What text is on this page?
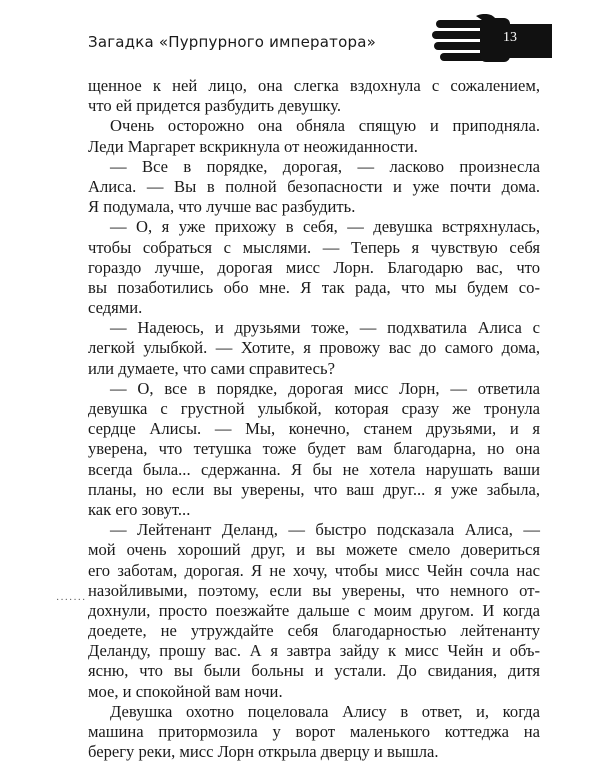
Загадка «Пурпурного императора»	13
·······
щенное к ней лицо, она слегка вздохнула с сожалением,
что ей придется разбудить девушку.
Очень осторожно она обняла спящую и приподняла.
Леди Маргарет вскрикнула от неожиданности.
— Все в порядке, дорогая, — ласково произнесла
Алиса. — Вы в полной безопасности и уже почти дома.
Я подумала, что лучше вас разбудить.
— О, я уже прихожу в себя, — девушка встряхнулась,
чтобы собраться с мыслями. — Теперь я чувствую себя
гораздо лучше, дорогая мисс Лорн. Благодарю вас, что
вы позаботились обо мне. Я так рада, что мы будем со-
седями.
— Надеюсь, и друзьями тоже, — подхватила Алиса с
легкой улыбкой. — Хотите, я провожу вас до самого дома,
или думаете, что сами справитесь?
— О, все в порядке, дорогая мисс Лорн, — ответила
девушка с грустной улыбкой, которая сразу же тронула
сердце Алисы. — Мы, конечно, станем друзьями, и я
уверена, что тетушка тоже будет вам благодарна, но она
всегда была... сдержанна. Я бы не хотела нарушать ваши
планы, но если вы уверены, что ваш друг... я уже забыла,
как его зовут...
— Лейтенант Деланд, — быстро подсказала Алиса, —
мой очень хороший друг, и вы можете смело довериться
его заботам, дорогая. Я не хочу, чтобы мисс Чейн сочла нас
назойливыми, поэтому, если вы уверены, что немного от-
дохнули, просто поезжайте дальше с моим другом. И когда
доедете, не утруждайте себя благодарностью лейтенанту
Деланду, прошу вас. А я завтра зайду к мисс Чейн и объ-
ясню, что вы были больны и устали. До свидания, дитя
мое, и спокойной вам ночи.
Девушка охотно поцеловала Алису в ответ, и, когда
машина притормозила у ворот маленького коттеджа на
берегу реки, мисс Лорн открыла дверцу и вышла.
